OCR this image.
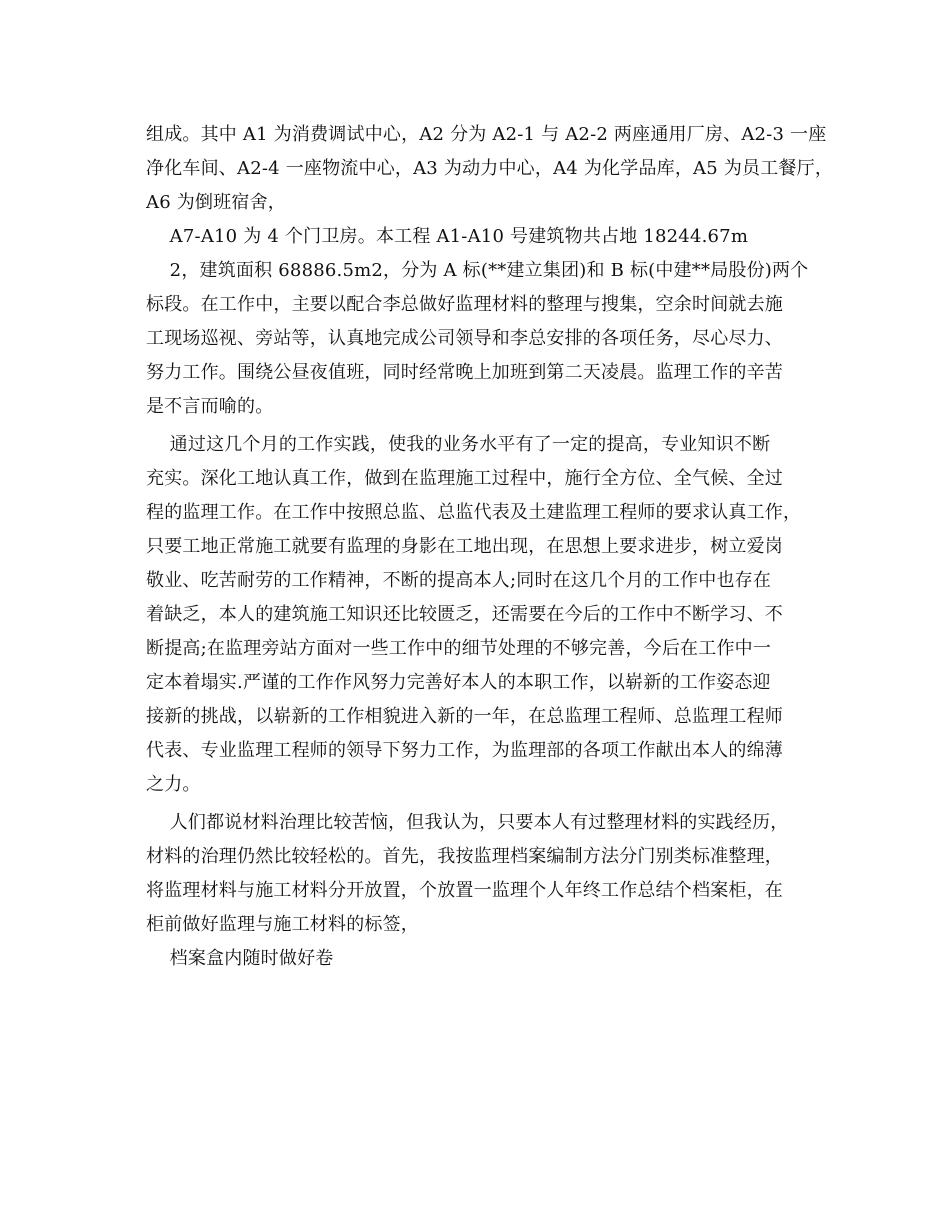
组成。其中 A1 为消费调试中心，A2 分为 A2-1 与 A2-2 两座通用厂房、A2-3 一座
净化车间、A2-4 一座物流中心，A3 为动力中心，A4 为化学品库，A5 为员工餐厅，
A6 为倒班宿舍，
A7-A10 为 4 个门卫房。本工程 A1-A10 号建筑物共占地 18244.67m
2，建筑面积 68886.5m2，分为 A 标(**建立集团)和 B 标(中建**局股份)两个
标段。在工作中，主要以配合李总做好监理材料的整理与搜集，空余时间就去施
工现场巡视、旁站等，认真地完成公司领导和李总安排的各项任务，尽心尽力、
努力工作。围绕公昼夜值班，同时经常晚上加班到第二天凌晨。监理工作的辛苦
是不言而喻的。
通过这几个月的工作实践，使我的业务水平有了一定的提高，专业知识不断
充实。深化工地认真工作，做到在监理施工过程中，施行全方位、全气候、全过
程的监理工作。在工作中按照总监、总监代表及土建监理工程师的要求认真工作，
只要工地正常施工就要有监理的身影在工地出现，在思想上要求进步，树立爱岗
敬业、吃苦耐劳的工作精神，不断的提高本人;同时在这几个月的工作中也存在
着缺乏，本人的建筑施工知识还比较匮乏，还需要在今后的工作中不断学习、不
断提高;在监理旁站方面对一些工作中的细节处理的不够完善，今后在工作中一
定本着塌实.严谨的工作作风努力完善好本人的本职工作，以崭新的工作姿态迎
接新的挑战，以崭新的工作相貌进入新的一年，在总监理工程师、总监理工程师
代表、专业监理工程师的领导下努力工作，为监理部的各项工作献出本人的绵薄
之力。
人们都说材料治理比较苦恼，但我认为，只要本人有过整理材料的实践经历，
材料的治理仍然比较轻松的。首先，我按监理档案编制方法分门别类标准整理，
将监理材料与施工材料分开放置，个放置一监理个人年终工作总结个档案柜，在
柜前做好监理与施工材料的标签，
档案盒内随时做好卷
